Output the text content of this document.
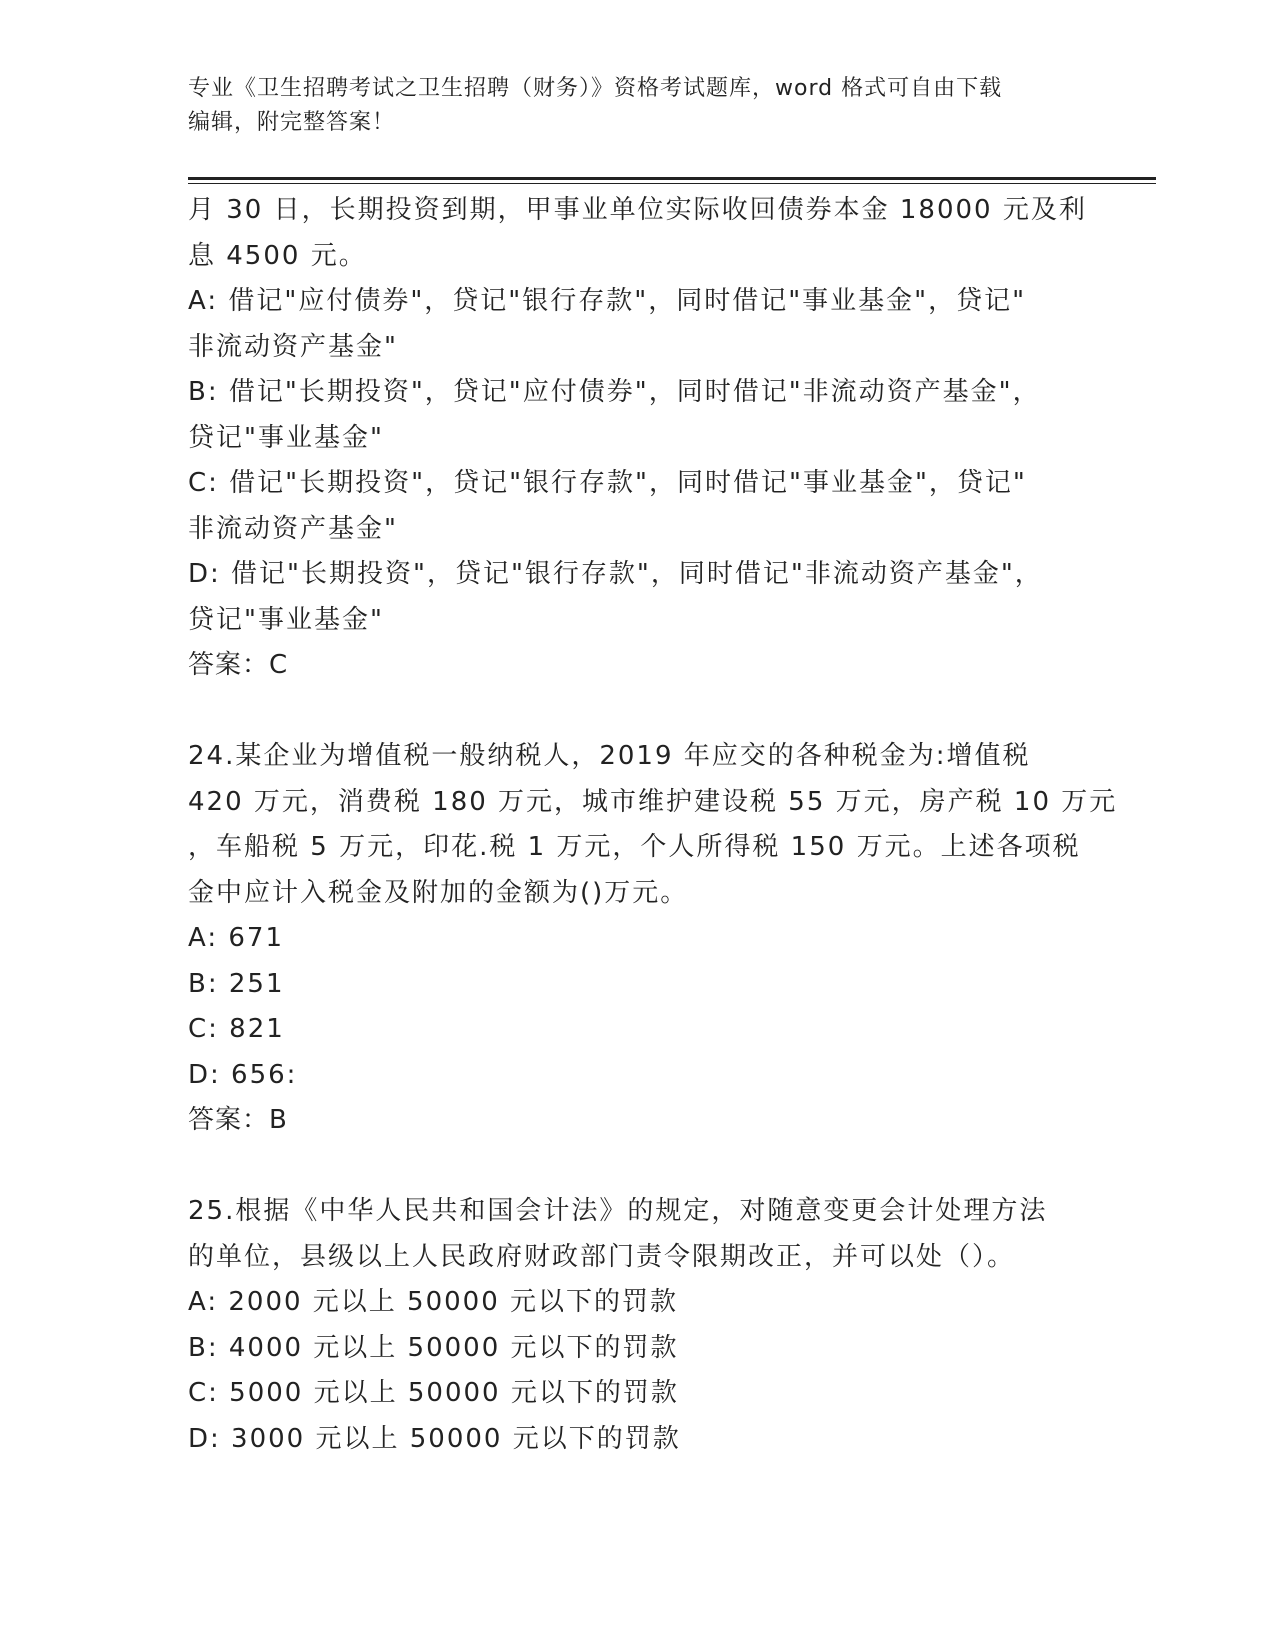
专业《卫生招聘考试之卫生招聘（财务）》资格考试题库，word 格式可自由下载
编辑，附完整答案！
月 30 日，长期投资到期，甲事业单位实际收回债券本金 18000 元及利
息 4500 元。
A: 借记"应付债券"，贷记"银行存款"，同时借记"事业基金"，贷记"
非流动资产基金"
B: 借记"长期投资"，贷记"应付债券"，同时借记"非流动资产基金"，
贷记"事业基金"
C: 借记"长期投资"，贷记"银行存款"，同时借记"事业基金"，贷记"
非流动资产基金"
D: 借记"长期投资"，贷记"银行存款"，同时借记"非流动资产基金"，
贷记"事业基金"
答案：C
24.某企业为增值税一般纳税人，2019 年应交的各种税金为:增值税
420 万元，消费税 180 万元，城市维护建设税 55 万元，房产税 10 万元
，车船税 5 万元，印花.税 1 万元，个人所得税 150 万元。上述各项税
金中应计入税金及附加的金额为()万元。
A: 671
B: 251
C: 821
D: 656:
答案：B
25.根据《中华人民共和国会计法》的规定，对随意变更会计处理方法
的单位，县级以上人民政府财政部门责令限期改正，并可以处（）。
A: 2000 元以上 50000 元以下的罚款
B: 4000 元以上 50000 元以下的罚款
C: 5000 元以上 50000 元以下的罚款
D: 3000 元以上 50000 元以下的罚款
